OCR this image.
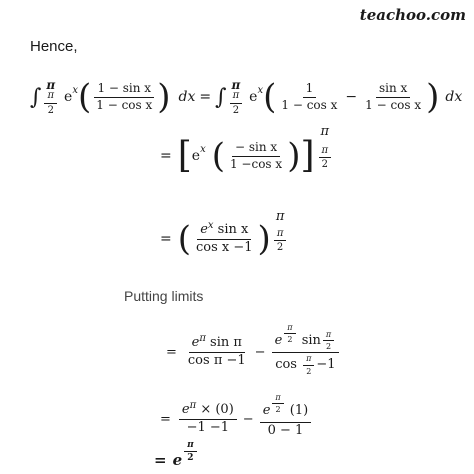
teachoo.com
Hence,
∫ π
$\frac{\pi}{2}$ e x ( $\frac{\text{1 − sin x}}{\text{1 − cos x}}$ ) dx = ∫ π
$\frac{\pi}{2}$ e x ( $\frac{1}{\text{1 − cos x}} - \frac{\text{sin x}}{\text{1 − cos x}}$ ) dx
= [ e x ( $\frac{\text{− sin x}}{\text{1 −cos x}}$ ) ]
π
$\frac{\pi}{2}$
= ( $\frac{e^x \sin x}{\text{cos x −1}}$ )
π
$\frac{\pi}{2}$
Putting limits
= $\frac{e^\pi \sin \pi}{\text{cos π −1}} - \frac{e \frac{\pi}{2} \sin \frac{\pi}{2}}{\cos \frac{\pi}{2} -1}$
= $\frac{e^\pi \times (0)}{-1 -1} - \frac{e \frac{\pi}{2} (1)}{0 - 1}$
= e $\frac{\pi}{2}$
